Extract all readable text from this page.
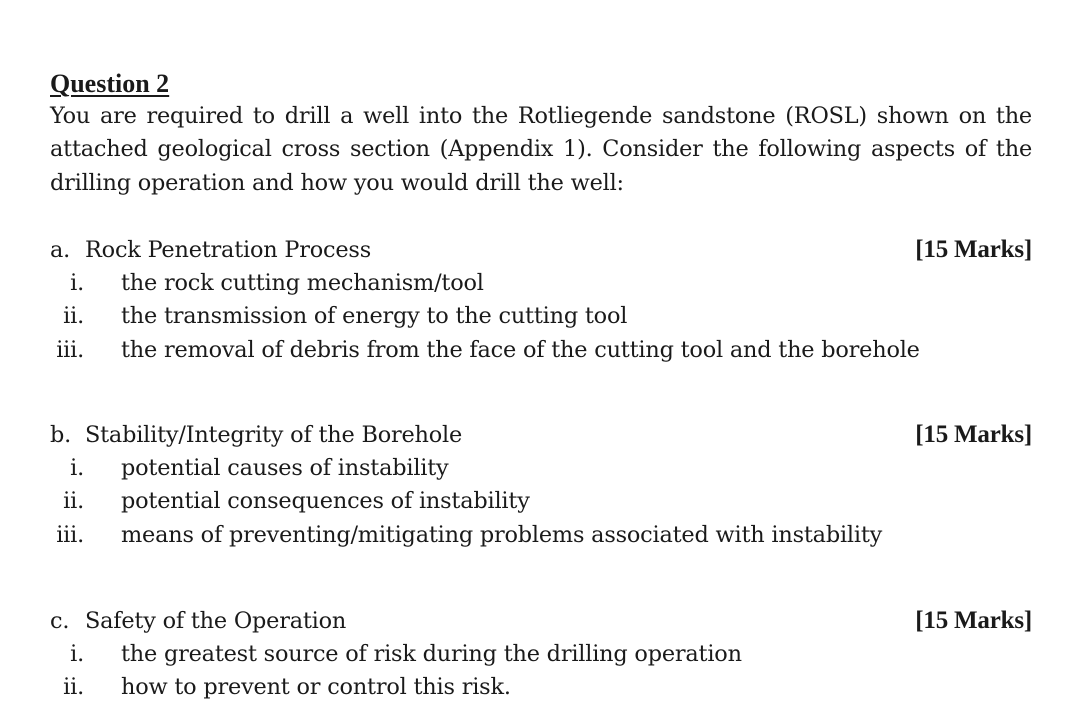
Question 2

You are required to drill a well into the Rotliegende sandstone (ROSL) shown on the attached geological cross section (Appendix 1). Consider the following aspects of the drilling operation and how you would drill the well:

a. Rock Penetration Process	[15 Marks]
i. the rock cutting mechanism/tool
ii. the transmission of energy to the cutting tool
iii. the removal of debris from the face of the cutting tool and the borehole
b. Stability/Integrity of the Borehole	[15 Marks]
i. potential causes of instability
ii. potential consequences of instability
iii. means of preventing/mitigating problems associated with instability
c. Safety of the Operation	[15 Marks]
i. the greatest source of risk during the drilling operation
ii. how to prevent or control this risk.
